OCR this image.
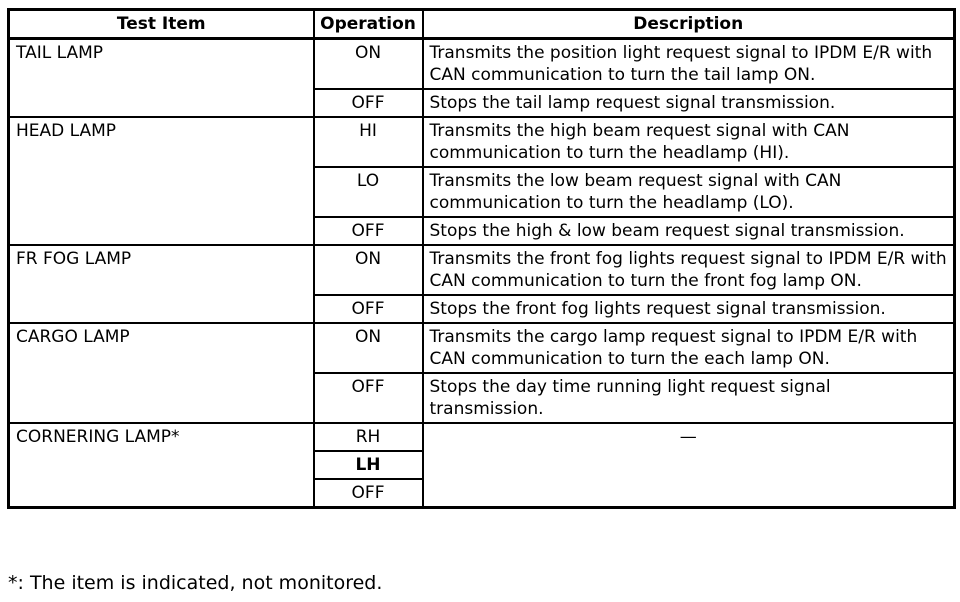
Test Item	Operation	Description
TAIL LAMP	ON	Transmits the position light request signal to IPDM E/R with CAN communication to turn the tail lamp ON.
	OFF	Stops the tail lamp request signal transmission.
HEAD LAMP	HI	Transmits the high beam request signal with CAN communication to turn the headlamp (HI).
	LO	Transmits the low beam request signal with CAN communication to turn the headlamp (LO).
	OFF	Stops the high & low beam request signal transmission.
FR FOG LAMP	ON	Transmits the front fog lights request signal to IPDM E/R with CAN communication to turn the front fog lamp ON.
	OFF	Stops the front fog lights request signal transmission.
CARGO LAMP	ON	Transmits the cargo lamp request signal to IPDM E/R with CAN communication to turn the each lamp ON.
	OFF	Stops the day time running light request signal transmission.
CORNERING LAMP*	RH	—
	LH	
	OFF	
*: The item is indicated, not monitored.
